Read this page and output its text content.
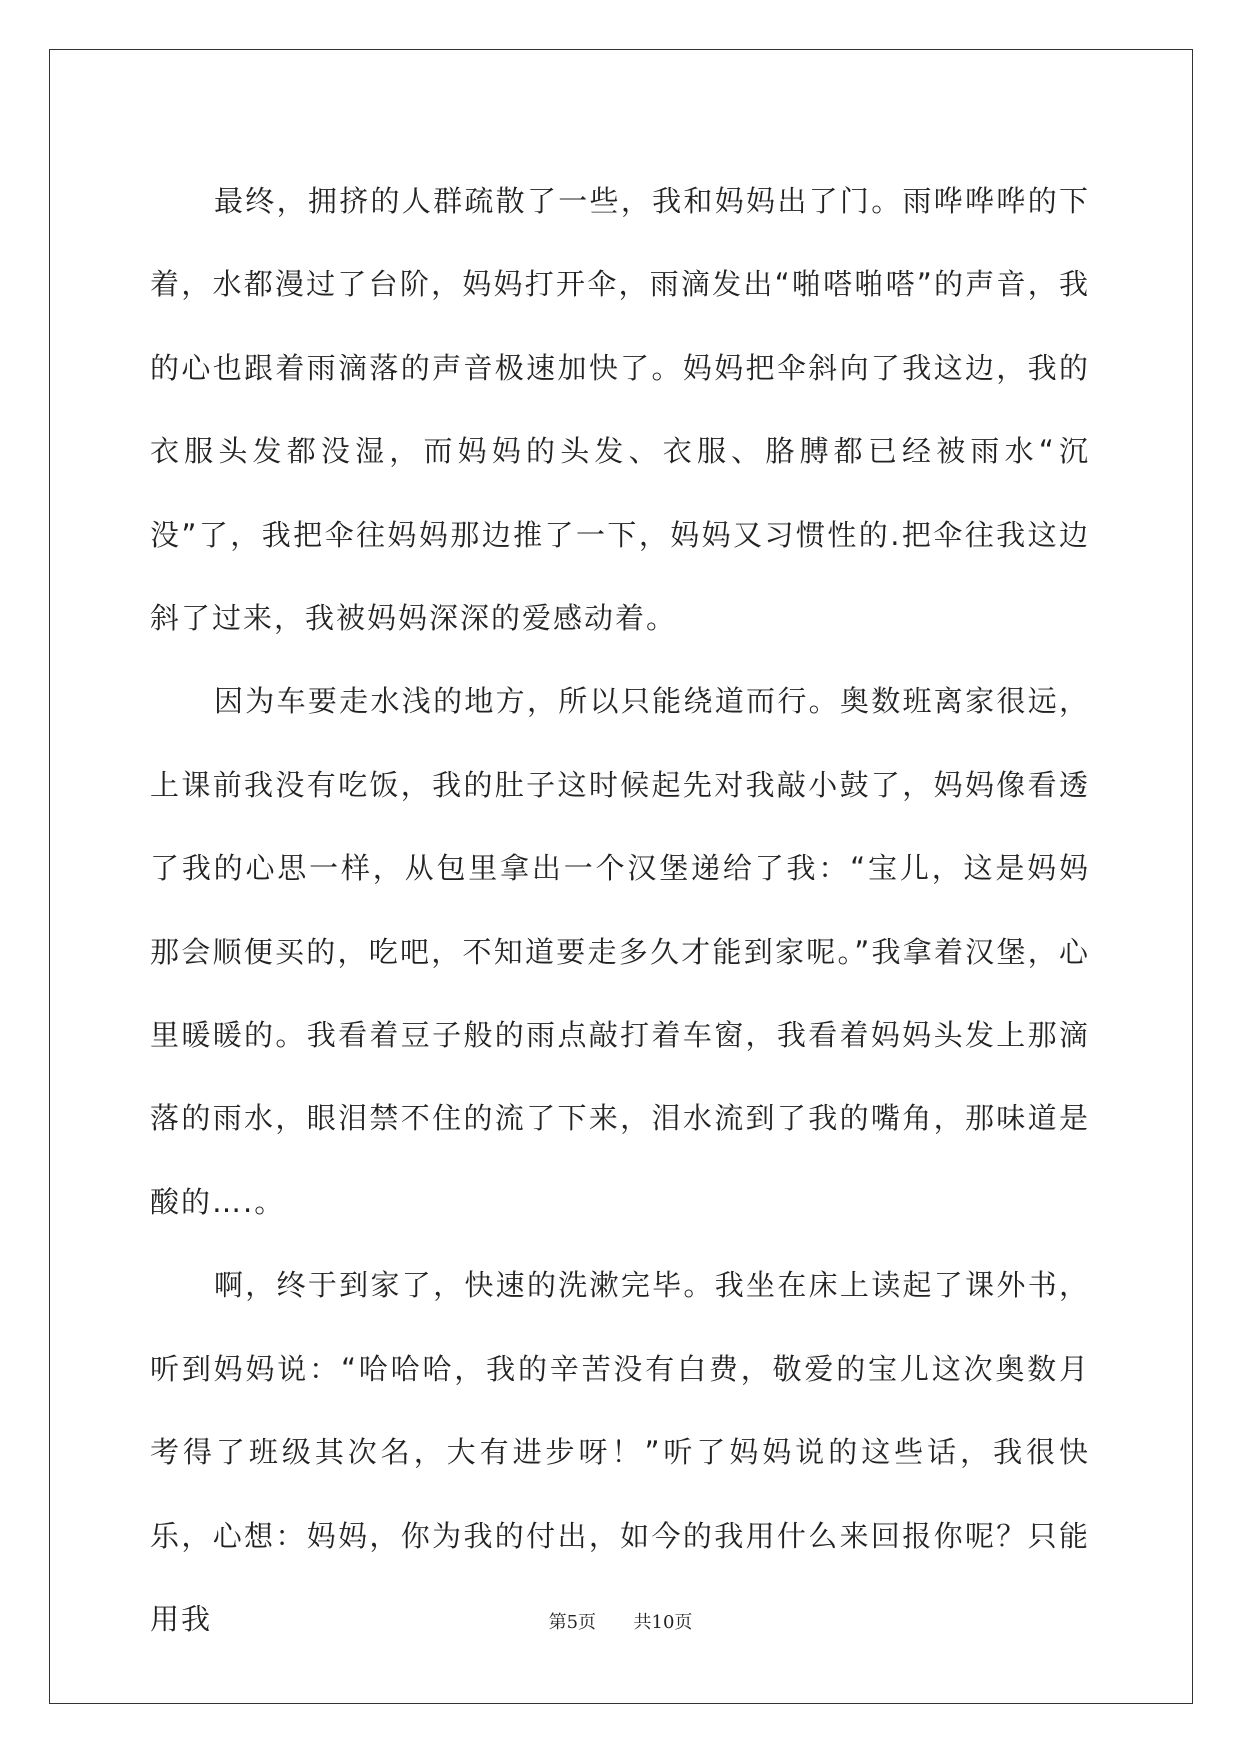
最终，拥挤的人群疏散了一些，我和妈妈出了门。雨哗哗哗的下着，水都漫过了台阶，妈妈打开伞，雨滴发出“啪嗒啪嗒”的声音，我的心也跟着雨滴落的声音极速加快了。妈妈把伞斜向了我这边，我的衣服头发都没湿，而妈妈的头发、衣服、胳膊都已经被雨水“沉没”了，我把伞往妈妈那边推了一下，妈妈又习惯性的.把伞往我这边斜了过来，我被妈妈深深的爱感动着。

因为车要走水浅的地方，所以只能绕道而行。奥数班离家很远，上课前我没有吃饭，我的肚子这时候起先对我敲小鼓了，妈妈像看透了我的心思一样，从包里拿出一个汉堡递给了我：“宝儿，这是妈妈那会顺便买的，吃吧，不知道要走多久才能到家呢。”我拿着汉堡，心里暖暖的。我看着豆子般的雨点敲打着车窗，我看着妈妈头发上那滴落的雨水，眼泪禁不住的流了下来，泪水流到了我的嘴角，那味道是酸的….。

啊，终于到家了，快速的洗漱完毕。我坐在床上读起了课外书，听到妈妈说：“哈哈哈，我的辛苦没有白费，敬爱的宝儿这次奥数月考得了班级其次名，大有进步呀！”听了妈妈说的这些话，我很快乐，心想：妈妈，你为我的付出，如今的我用什么来回报你呢？只能用我	第5页 共10页
